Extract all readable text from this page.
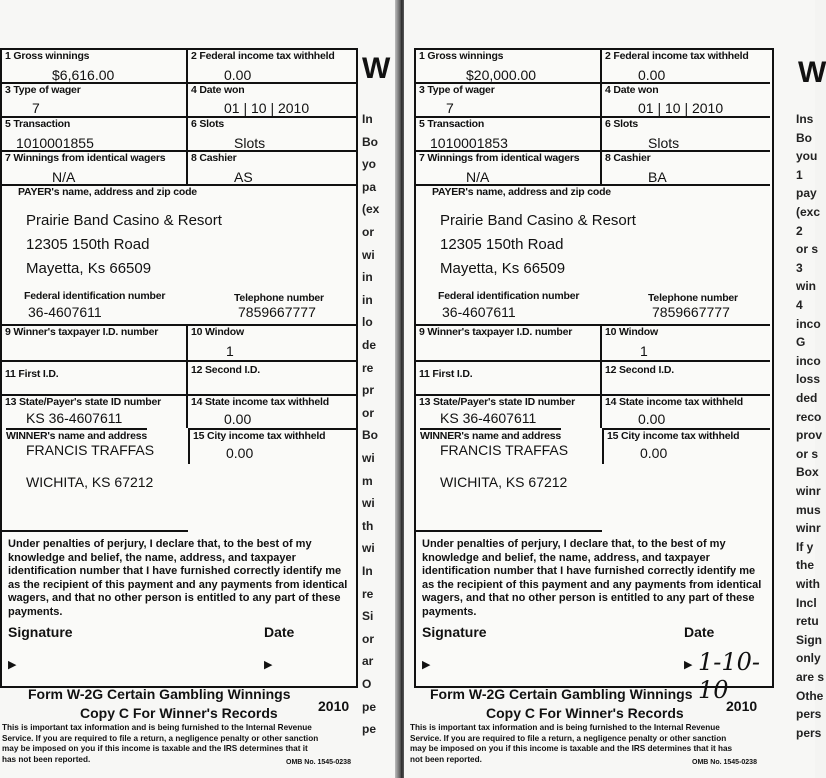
1 Gross winnings
$6,616.00
2 Federal income tax withheld
0.00
3 Type of wager
7
4 Date won
01 | 10 | 2010
5 Transaction
1010001855
6 Slots
Slots
7 Winnings from identical wagers
N/A
8 Cashier
AS
PAYER's name, address and zip code
Prairie Band Casino & Resort
12305 150th Road
Mayetta, Ks 66509
Federal identification number
36-4607611
Telephone number
7859667777
9 Winner's taxpayer I.D. number	10 Window
1
11 First I.D.	12 Second I.D.
13 State/Payer's state ID number
KS 36-4607611
14 State income tax withheld
0.00
WINNER's name and address
FRANCIS TRAFFAS
WICHITA, KS 67212
15 City income tax withheld
0.00
Under penalties of perjury, I declare that, to the best of my knowledge and belief, the name, address, and taxpayer identification number that I have furnished correctly identify me as the recipient of this payment and any payments from identical wagers, and that no other person is entitled to any part of these payments.
Signature	Date
▶	▶
W
Form W-2G Certain Gambling Winnings
Copy C For Winner's Records	2010
This is important tax information and is being furnished to the Internal Revenue Service. If you are required to file a return, a negligence penalty or other sanction may be imposed on you if this income is taxable and the IRS determines that it has not been reported.	OMB No. 1545-0238
In
Bo
yo
pa
(ex
or
wi
in
in
lo
de
re
pr
or
Bo
wi
m
wi
th
wi
In
re
Si
or
ar
O
pe
pe
1 Gross winnings
$20,000.00
2 Federal income tax withheld
0.00
3 Type of wager
7
4 Date won
01 | 10 | 2010
5 Transaction
1010001853
6 Slots
Slots
7 Winnings from identical wagers
N/A
8 Cashier
BA
PAYER's name, address and zip code
Prairie Band Casino & Resort
12305 150th Road
Mayetta, Ks 66509
Federal identification number
36-4607611
Telephone number
7859667777
9 Winner's taxpayer I.D. number	10 Window
1
11 First I.D.	12 Second I.D.
13 State/Payer's state ID number
KS 36-4607611
14 State income tax withheld
0.00
WINNER's name and address
FRANCIS TRAFFAS
WICHITA, KS 67212
15 City income tax withheld
0.00
Under penalties of perjury, I declare that, to the best of my knowledge and belief, the name, address, and taxpayer identification number that I have furnished correctly identify me as the recipient of this payment and any payments from identical wagers, and that no other person is entitled to any part of these payments.
Signature	Date
▶	▶ 1-10-10
W
Form W-2G Certain Gambling Winnings
Copy C For Winner's Records	2010
This is important tax information and is being furnished to the Internal Revenue Service. If you are required to file a return, a negligence penalty or other sanction may be imposed on you if this income is taxable and the IRS determines that it has not been reported.	OMB No. 1545-0238
Ins
Bo
you
1
pay
(exc
2
or s
3
win
4
inco
G
inco
loss
ded
reco
prov
or s
Box
winr
mus
winr
If y
the
with
Incl
retu
Sign
only
are s
Othe
pers
pers
